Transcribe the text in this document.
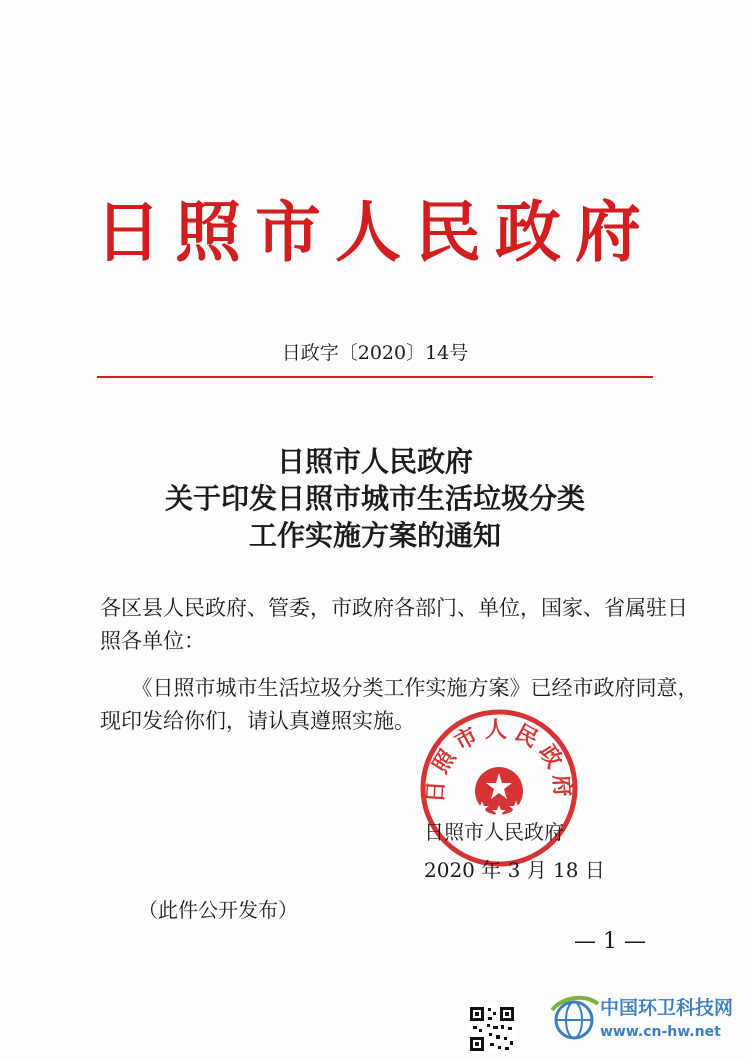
日照市人民政府
日政字〔2020〕14号
日照市人民政府
关于印发日照市城市生活垃圾分类
工作实施方案的通知
各区县人民政府、管委，市政府各部门、单位，国家、省属驻日
照各单位：
　　《日照市城市生活垃圾分类工作实施方案》已经市政府同意，
现印发给你们，请认真遵照实施。
日照市人民政府
日照市人民政府
2020 年 3 月 18 日
（此件公开发布）
— 1 —
中国环卫科技网
www.cn-hw.net
